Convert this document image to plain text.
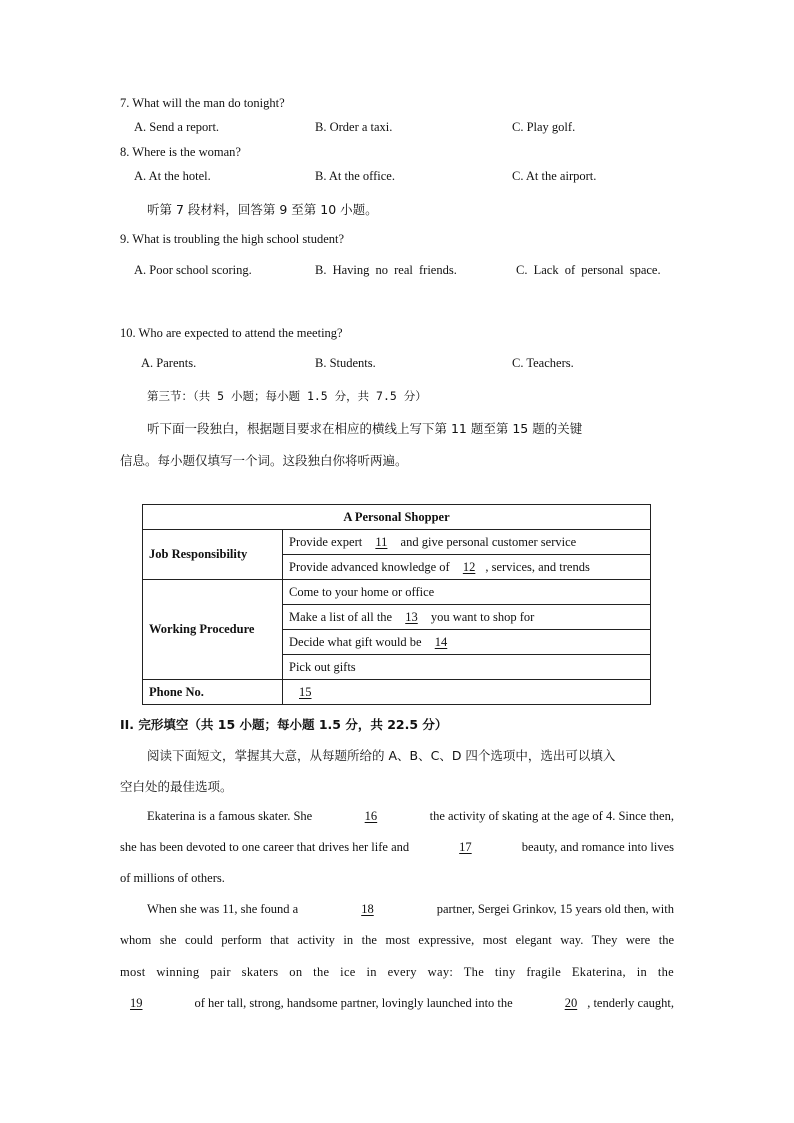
7. What will the man do tonight?
A. Send a report.	B. Order a taxi.	C. Play golf.
8. Where is the woman?
A. At the hotel.	B. At the office.	C. At the airport.
听第 7 段材料，回答第 9 至第 10 小题。
9. What is troubling the high school student?
A. Poor school scoring.	B. Having no real friends.	C. Lack of personal space.
10. Who are expected to attend the meeting?
A. Parents.	B. Students.	C. Teachers.
第三节：（共 5 小题；每小题 1.5 分，共 7.5 分）
听下面一段独白，根据题目要求在相应的横线上写下第 11 题至第 15 题的关键
信息。每小题仅填写一个词。这段独白你将听两遍。
A Personal Shopper	
Job Responsibility	Provide expert 11 and give personal customer service
	Provide advanced knowledge of 12 , services, and trends
Working Procedure	Come to your home or office
	Make a list of all the 13 you want to shop for
	Decide what gift would be 14
	Pick out gifts
Phone No.	15
II. 完形填空（共 15 小题；每小题 1.5 分，共 22.5 分）
阅读下面短文，掌握其大意，从每题所给的 A、B、C、D 四个选项中，选出可以填入
空白处的最佳选项。
Ekaterina is a famous skater. She	16	the activity of skating at the age of 4. Since then,
she has been devoted to one career that drives her life and	17	beauty, and romance into lives
of millions of others.
When she was 11, she found a	18	partner, Sergei Grinkov, 15 years old then, with
whom she could perform that activity in the most expressive, most elegant way. They were the
most winning pair skaters on the ice in every way: The tiny fragile Ekaterina, in the
19	of her tall, strong, handsome partner, lovingly launched into the	20 , tenderly caught,
